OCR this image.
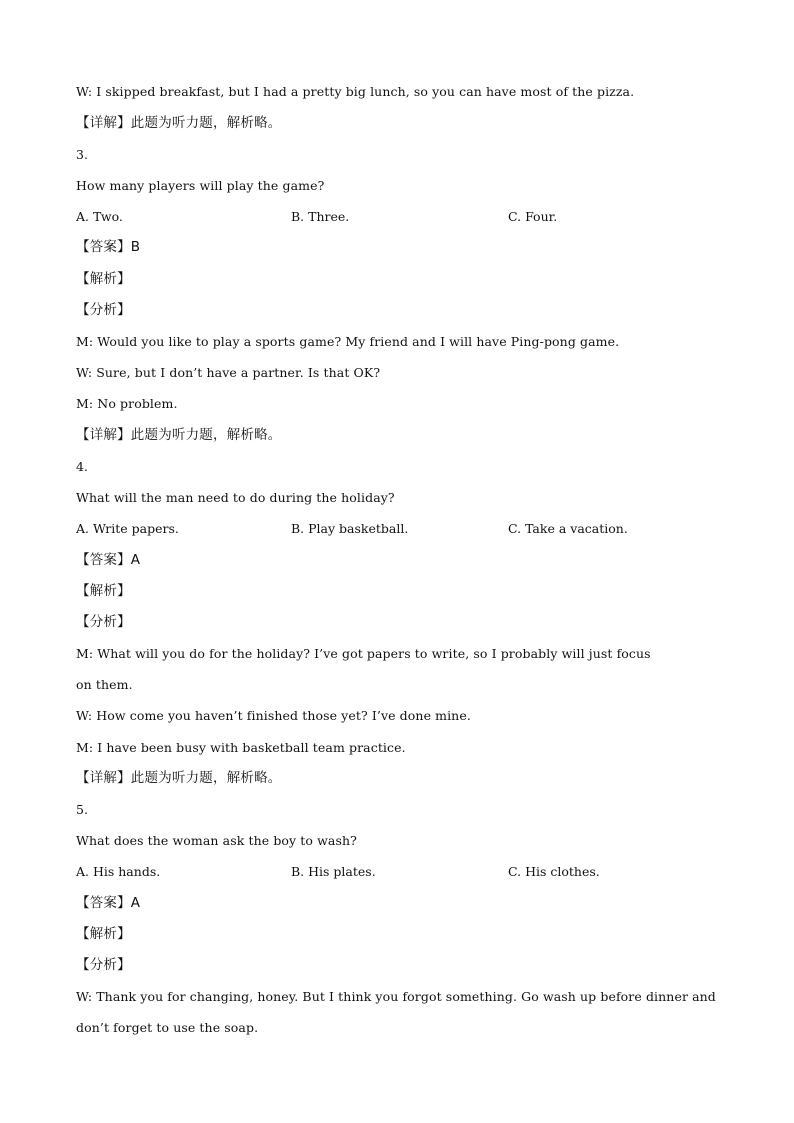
W: I skipped breakfast, but I had a pretty big lunch, so you can have most of the pizza.
【详解】此题为听力题，解析略。
3.
How many players will play the game?
A. Two.	B. Three.	C. Four.
【答案】B
【解析】
【分析】
M: Would you like to play a sports game? My friend and I will have Ping-pong game.
W: Sure, but I don’t have a partner. Is that OK?
M: No problem.
【详解】此题为听力题，解析略。
4.
What will the man need to do during the holiday?
A. Write papers.	B. Play basketball.	C. Take a vacation.
【答案】A
【解析】
【分析】
M: What will you do for the holiday? I’ve got papers to write, so I probably will just focus
on them.
W: How come you haven’t finished those yet? I’ve done mine.
M: I have been busy with basketball team practice.
【详解】此题为听力题，解析略。
5.
What does the woman ask the boy to wash?
A. His hands.	B. His plates.	C. His clothes.
【答案】A
【解析】
【分析】
W: Thank you for changing, honey. But I think you forgot something. Go wash up before dinner and
don’t forget to use the soap.
